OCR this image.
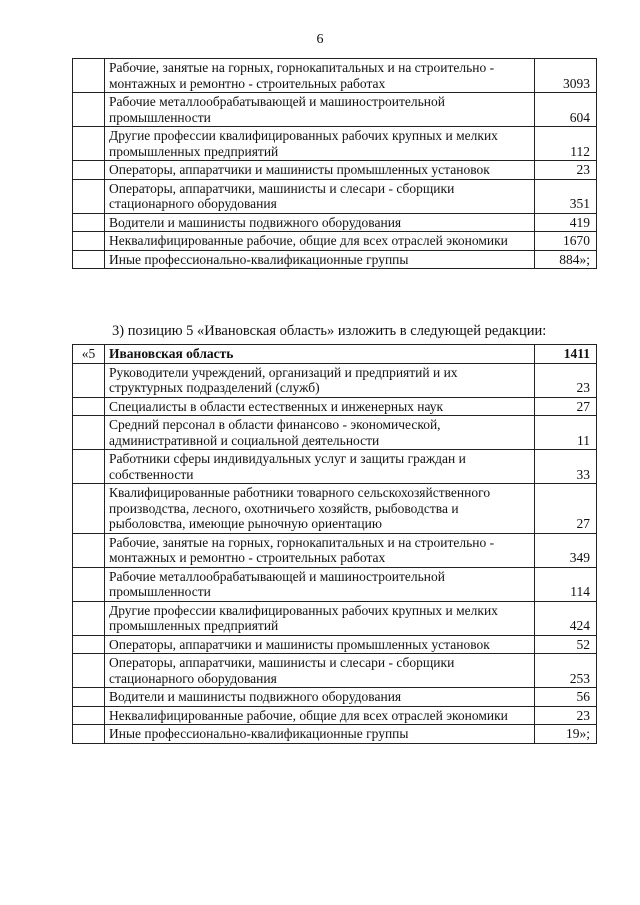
6
	Рабочие, занятые на горных, горнокапитальных и на строительно - монтажных и ремонтно - строительных работах	3093
	Рабочие металлообрабатывающей и машиностроительной промышленности	604
	Другие профессии квалифицированных рабочих крупных и мелких промышленных предприятий	112
	Операторы, аппаратчики и машинисты промышленных установок	23
	Операторы, аппаратчики, машинисты и слесари - сборщики стационарного оборудования	351
	Водители и машинисты подвижного оборудования	419
	Неквалифицированные рабочие, общие для всех отраслей экономики	1670
	Иные профессионально-квалификационные группы	884»;
3) позицию 5 «Ивановская область» изложить в следующей редакции:
«5	Ивановская область	1411
	Руководители учреждений, организаций и предприятий и их структурных подразделений (служб)	23
	Специалисты в области естественных и инженерных наук	27
	Средний персонал в области финансово - экономической, административной и социальной деятельности	11
	Работники сферы индивидуальных услуг и защиты граждан и собственности	33
	Квалифицированные работники товарного сельскохозяйственного производства, лесного, охотничьего хозяйств, рыбоводства и рыболовства, имеющие рыночную ориентацию	27
	Рабочие, занятые на горных, горнокапитальных и на строительно - монтажных и ремонтно - строительных работах	349
	Рабочие металлообрабатывающей и машиностроительной промышленности	114
	Другие профессии квалифицированных рабочих крупных и мелких промышленных предприятий	424
	Операторы, аппаратчики и машинисты промышленных установок	52
	Операторы, аппаратчики, машинисты и слесари - сборщики стационарного оборудования	253
	Водители и машинисты подвижного оборудования	56
	Неквалифицированные рабочие, общие для всех отраслей экономики	23
	Иные профессионально-квалификационные группы	19»;
